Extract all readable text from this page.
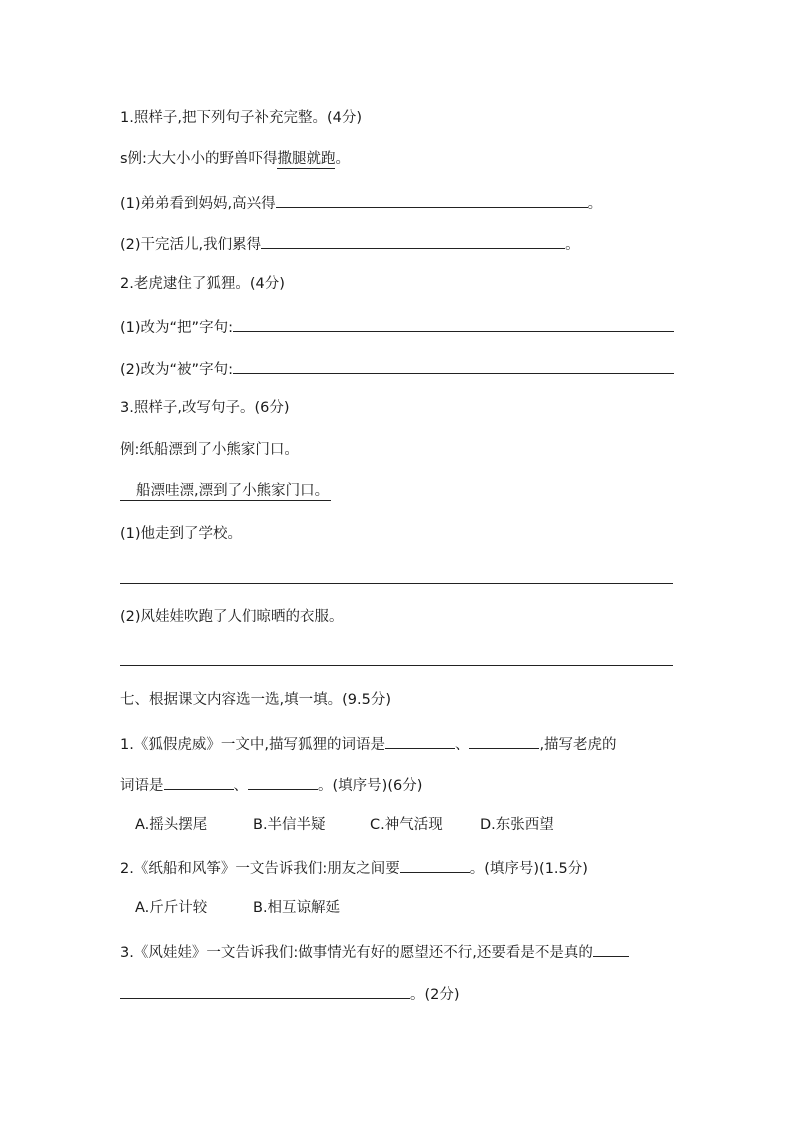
1.照样子,把下列句子补充完整。(4分)
s例:大大小小的野兽吓得撒腿就跑。
(1)弟弟看到妈妈,高兴得	。
(2)干完活儿,我们累得	。
2.老虎逮住了狐狸。(4分)
(1)改为“把”字句:
(2)改为“被”字句:
3.照样子,改写句子。(6分)
例:纸船漂到了小熊家门口。
船漂哇漂,漂到了小熊家门口。
(1)他走到了学校。
(2)风娃娃吹跑了人们晾晒的衣服。
七、根据课文内容选一选,填一填。(9.5分)
1.《狐假虎威》一文中,描写狐狸的词语是	、	,描写老虎的
词语是	、	。(填序号)(6分)
A.摇头摆尾	B.半信半疑	C.神气活现	D.东张西望
2.《纸船和风筝》一文告诉我们:朋友之间要	。(填序号)(1.5分)
A.斤斤计较	B.相互谅解延
3.《风娃娃》一文告诉我们:做事情光有好的愿望还不行,还要看是不是真的
。(2分)
